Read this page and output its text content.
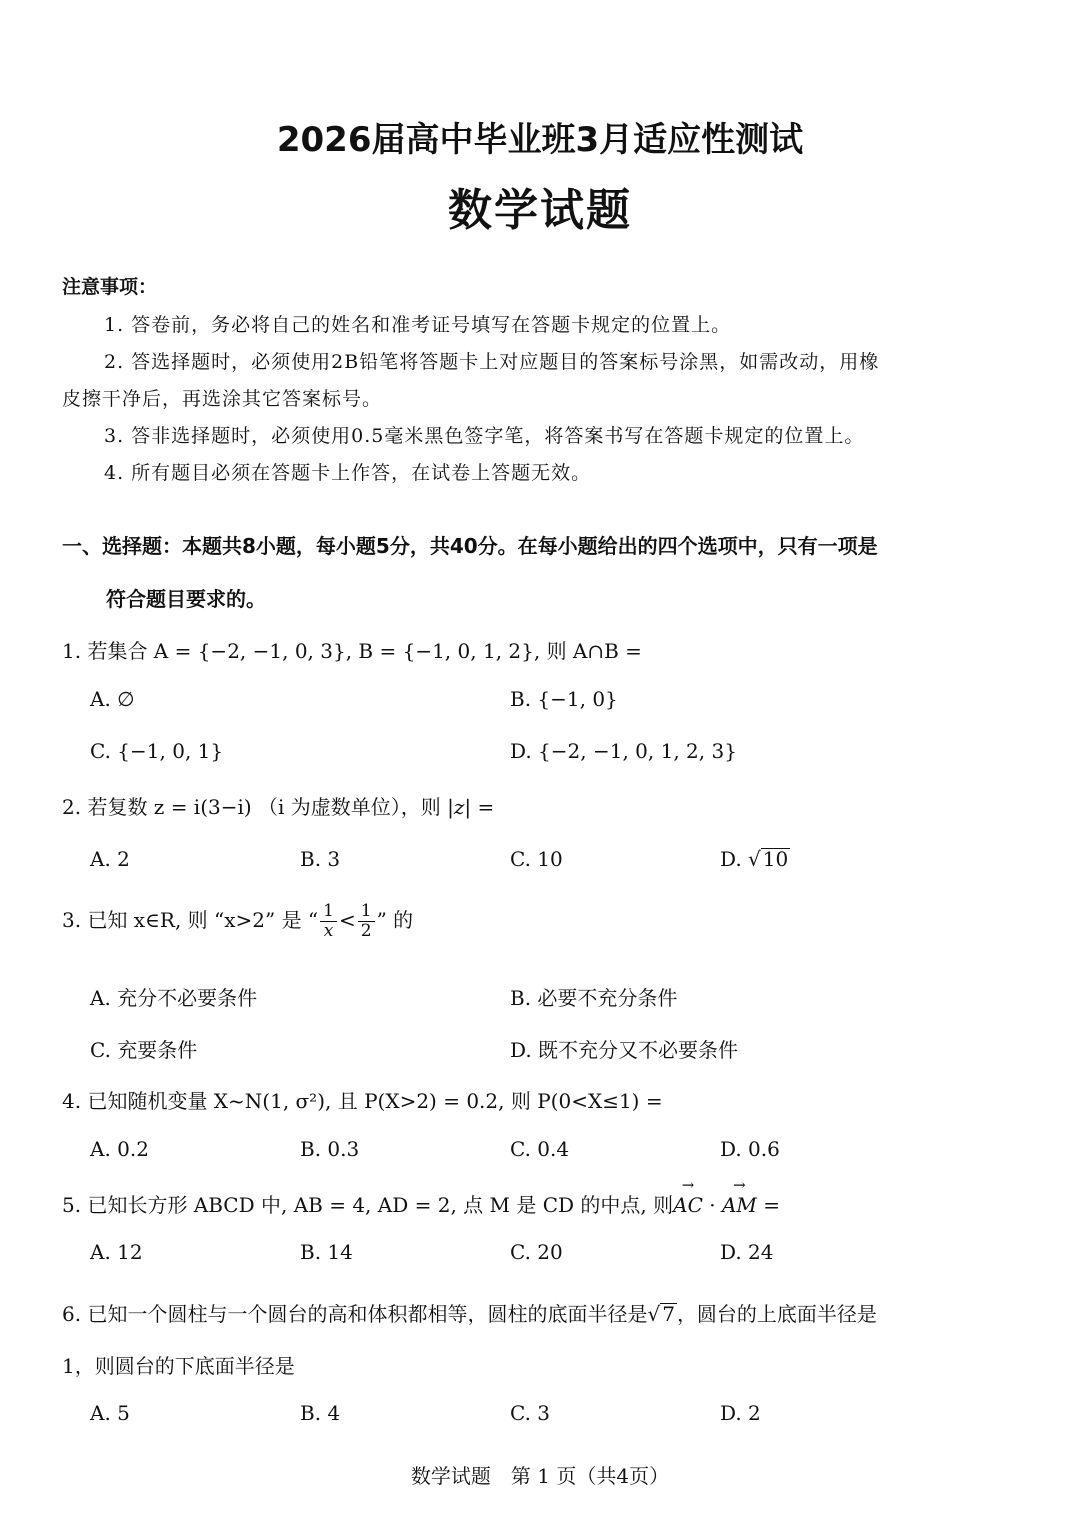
2026届高中毕业班3月适应性测试
数学试题
注意事项：
1. 答卷前，务必将自己的姓名和准考证号填写在答题卡规定的位置上。
2. 答选择题时，必须使用2B铅笔将答题卡上对应题目的答案标号涂黑，如需改动，用橡
皮擦干净后，再选涂其它答案标号。
3. 答非选择题时，必须使用0.5毫米黑色签字笔，将答案书写在答题卡规定的位置上。
4. 所有题目必须在答题卡上作答，在试卷上答题无效。
一、选择题：本题共8小题，每小题5分，共40分。在每小题给出的四个选项中，只有一项是
符合题目要求的。
1. 若集合 A = {−2, −1, 0, 3}, B = {−1, 0, 1, 2}, 则 A∩B =
A. ∅	B. {−1, 0}
C. {−1, 0, 1}	D. {−2, −1, 0, 1, 2, 3}
2. 若复数 z = i(3−i) （i 为虚数单位），则 |z| =
A. 2	B. 3	C. 10	D. √ 10
3. 已知 x∈R, 则 “x>2” 是 “ $\frac{1}{x} < \frac{1}{2}$ ” 的
A. 充分不必要条件	B. 必要不充分条件
C. 充要条件	D. 既不充分又不必要条件
4. 已知随机变量 X~N(1, σ²), 且 P(X>2) = 0.2, 则 P(0<X≤1) =
A. 0.2	B. 0.3	C. 0.4	D. 0.6
5. 已知长方形 ABCD 中, AB = 4, AD = 2, 点 M 是 CD 的中点, 则→ AC · → AM =
A. 12	B. 14	C. 20	D. 24
6. 已知一个圆柱与一个圆台的高和体积都相等，圆柱的底面半径是√ 7 ，圆台的上底面半径是
1，则圆台的下底面半径是
A. 5	B. 4	C. 3	D. 2
数学试题　第 1 页（共4页）
